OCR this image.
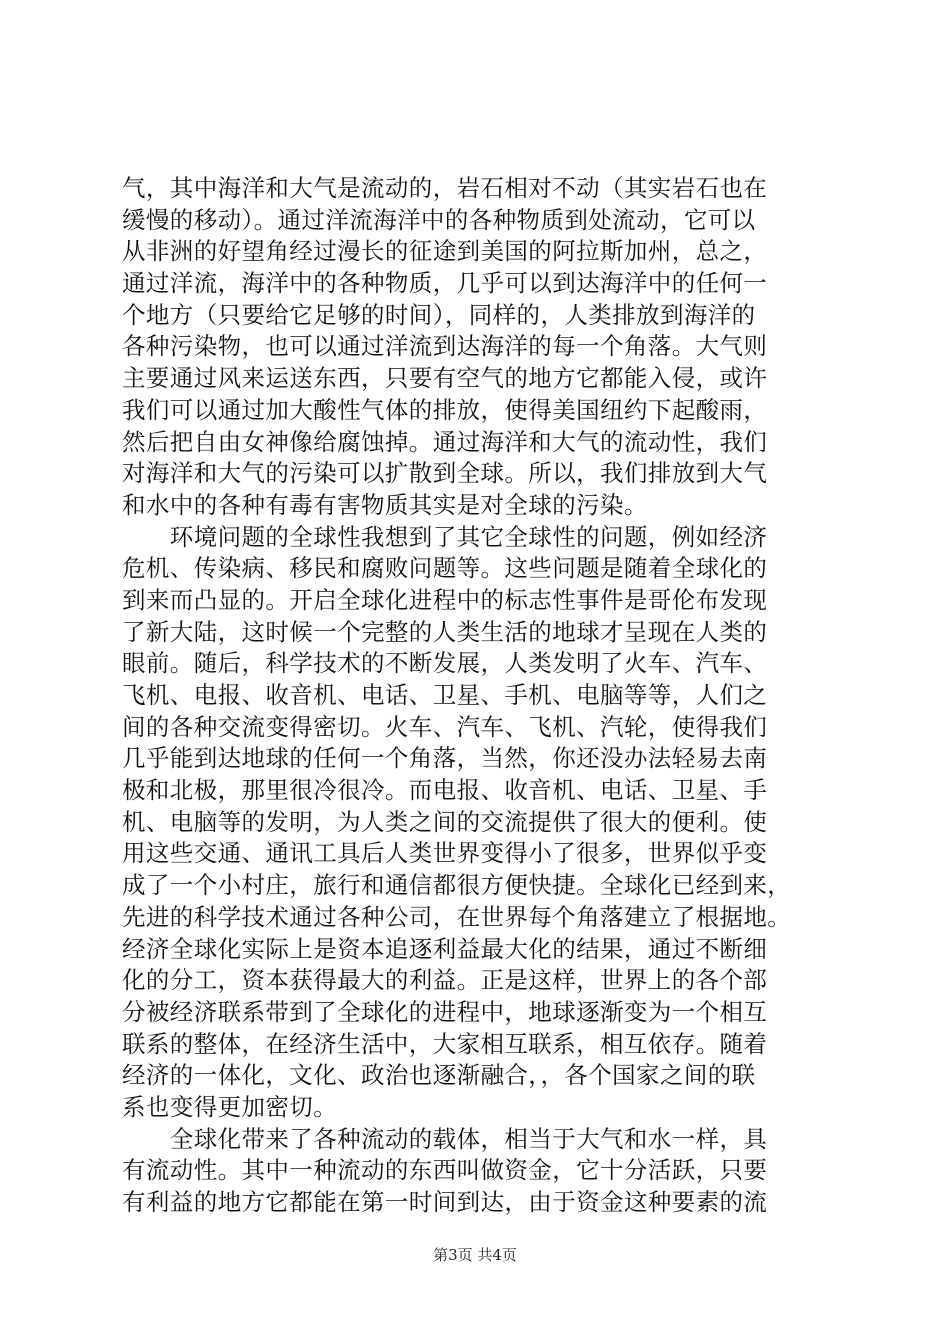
气，其中海洋和大气是流动的，岩石相对不动（其实岩石也在
缓慢的移动）。通过洋流海洋中的各种物质到处流动，它可以
从非洲的好望角经过漫长的征途到美国的阿拉斯加州，总之，
通过洋流，海洋中的各种物质，几乎可以到达海洋中的任何一
个地方（只要给它足够的时间），同样的，人类排放到海洋的
各种污染物，也可以通过洋流到达海洋的每一个角落。大气则
主要通过风来运送东西，只要有空气的地方它都能入侵，或许
我们可以通过加大酸性气体的排放，使得美国纽约下起酸雨，
然后把自由女神像给腐蚀掉。通过海洋和大气的流动性，我们
对海洋和大气的污染可以扩散到全球。所以，我们排放到大气
和水中的各种有毒有害物质其实是对全球的污染。
　　环境问题的全球性我想到了其它全球性的问题，例如经济
危机、传染病、移民和腐败问题等。这些问题是随着全球化的
到来而凸显的。开启全球化进程中的标志性事件是哥伦布发现
了新大陆，这时候一个完整的人类生活的地球才呈现在人类的
眼前。随后，科学技术的不断发展，人类发明了火车、汽车、
飞机、电报、收音机、电话、卫星、手机、电脑等等，人们之
间的各种交流变得密切。火车、汽车、飞机、汽轮，使得我们
几乎能到达地球的任何一个角落，当然，你还没办法轻易去南
极和北极，那里很冷很冷。而电报、收音机、电话、卫星、手
机、电脑等的发明，为人类之间的交流提供了很大的便利。使
用这些交通、通讯工具后人类世界变得小了很多，世界似乎变
成了一个小村庄，旅行和通信都很方便快捷。全球化已经到来，
先进的科学技术通过各种公司，在世界每个角落建立了根据地。
经济全球化实际上是资本追逐利益最大化的结果，通过不断细
化的分工，资本获得最大的利益。正是这样，世界上的各个部
分被经济联系带到了全球化的进程中，地球逐渐变为一个相互
联系的整体，在经济生活中，大家相互联系，相互依存。随着
经济的一体化，文化、政治也逐渐融合，，各个国家之间的联
系也变得更加密切。
　　全球化带来了各种流动的载体，相当于大气和水一样，具
有流动性。其中一种流动的东西叫做资金，它十分活跃，只要
有利益的地方它都能在第一时间到达，由于资金这种要素的流
第3页 共4页
